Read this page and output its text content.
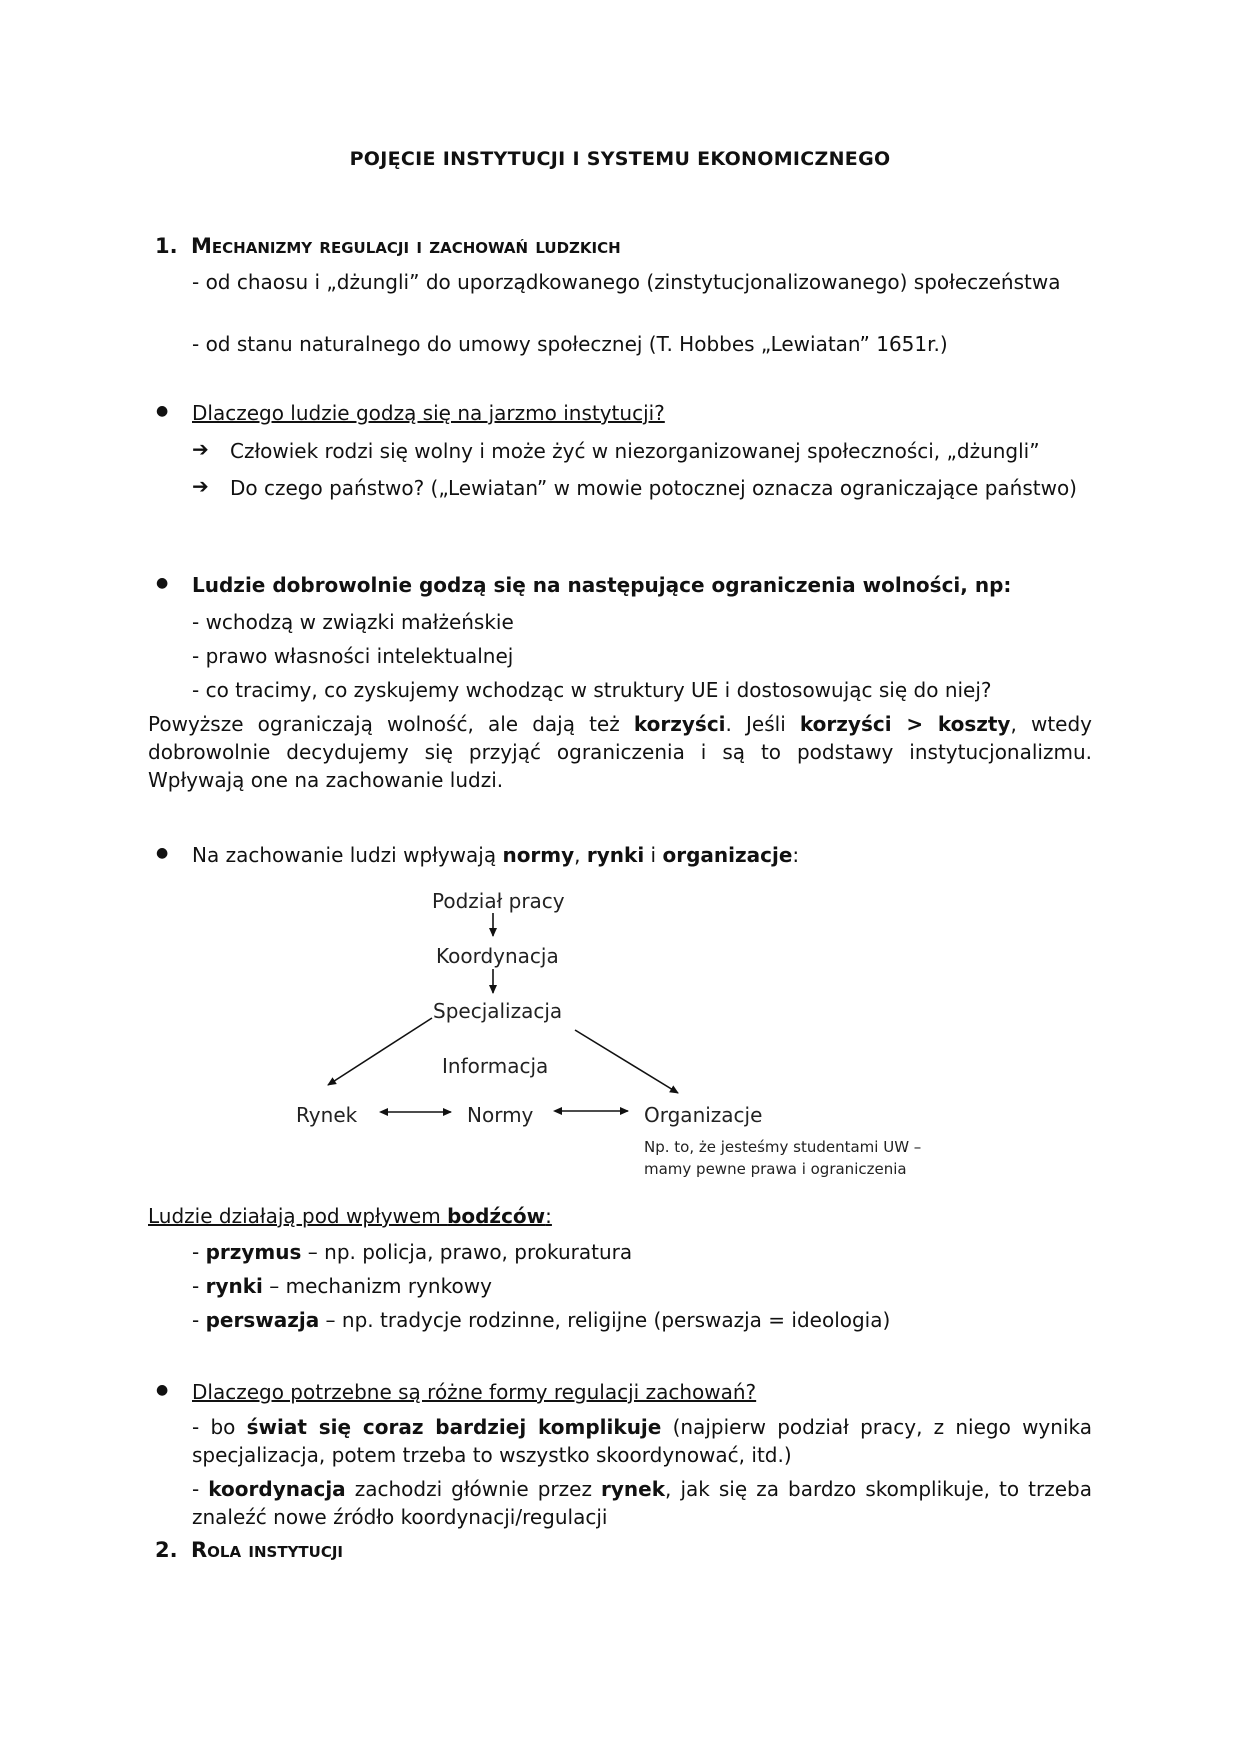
POJĘCIE INSTYTUCJI I SYSTEMU EKONOMICZNEGO
1. Mechanizmy regulacji i zachowań ludzkich
- od chaosu i „dżungli” do uporządkowanego (zinstytucjonalizowanego) społeczeństwa
- od stanu naturalnego do umowy społecznej (T. Hobbes „Lewiatan” 1651r.)
● Dlaczego ludzie godzą się na jarzmo instytucji?
➔ Człowiek rodzi się wolny i może żyć w niezorganizowanej społeczności, „dżungli”
➔ Do czego państwo? („Lewiatan” w mowie potocznej oznacza ograniczające państwo)
● Ludzie dobrowolnie godzą się na następujące ograniczenia wolności, np:
- wchodzą w związki małżeńskie
- prawo własności intelektualnej
- co tracimy, co zyskujemy wchodząc w struktury UE i dostosowując się do niej?
Powyższe ograniczają wolność, ale dają też korzyści. Jeśli korzyści > koszty, wtedy dobrowolnie decydujemy się przyjąć ograniczenia i są to podstawy instytucjonalizmu. Wpływają one na zachowanie ludzi.
● Na zachowanie ludzi wpływają normy, rynki i organizacje:
Podział pracy
Koordynacja
Specjalizacja
Informacja
Rynek	Normy	Organizacje
Np. to, że jesteśmy studentami UW –
mamy pewne prawa i ograniczenia
Ludzie działają pod wpływem bodźców:
- przymus – np. policja, prawo, prokuratura
- rynki – mechanizm rynkowy
- perswazja – np. tradycje rodzinne, religijne (perswazja = ideologia)
● Dlaczego potrzebne są różne formy regulacji zachowań?
- bo świat się coraz bardziej komplikuje (najpierw podział pracy, z niego wynika specjalizacja, potem trzeba to wszystko skoordynować, itd.)
- koordynacja zachodzi głównie przez rynek, jak się za bardzo skomplikuje, to trzeba znaleźć nowe źródło koordynacji/regulacji
2. Rola instytucji
